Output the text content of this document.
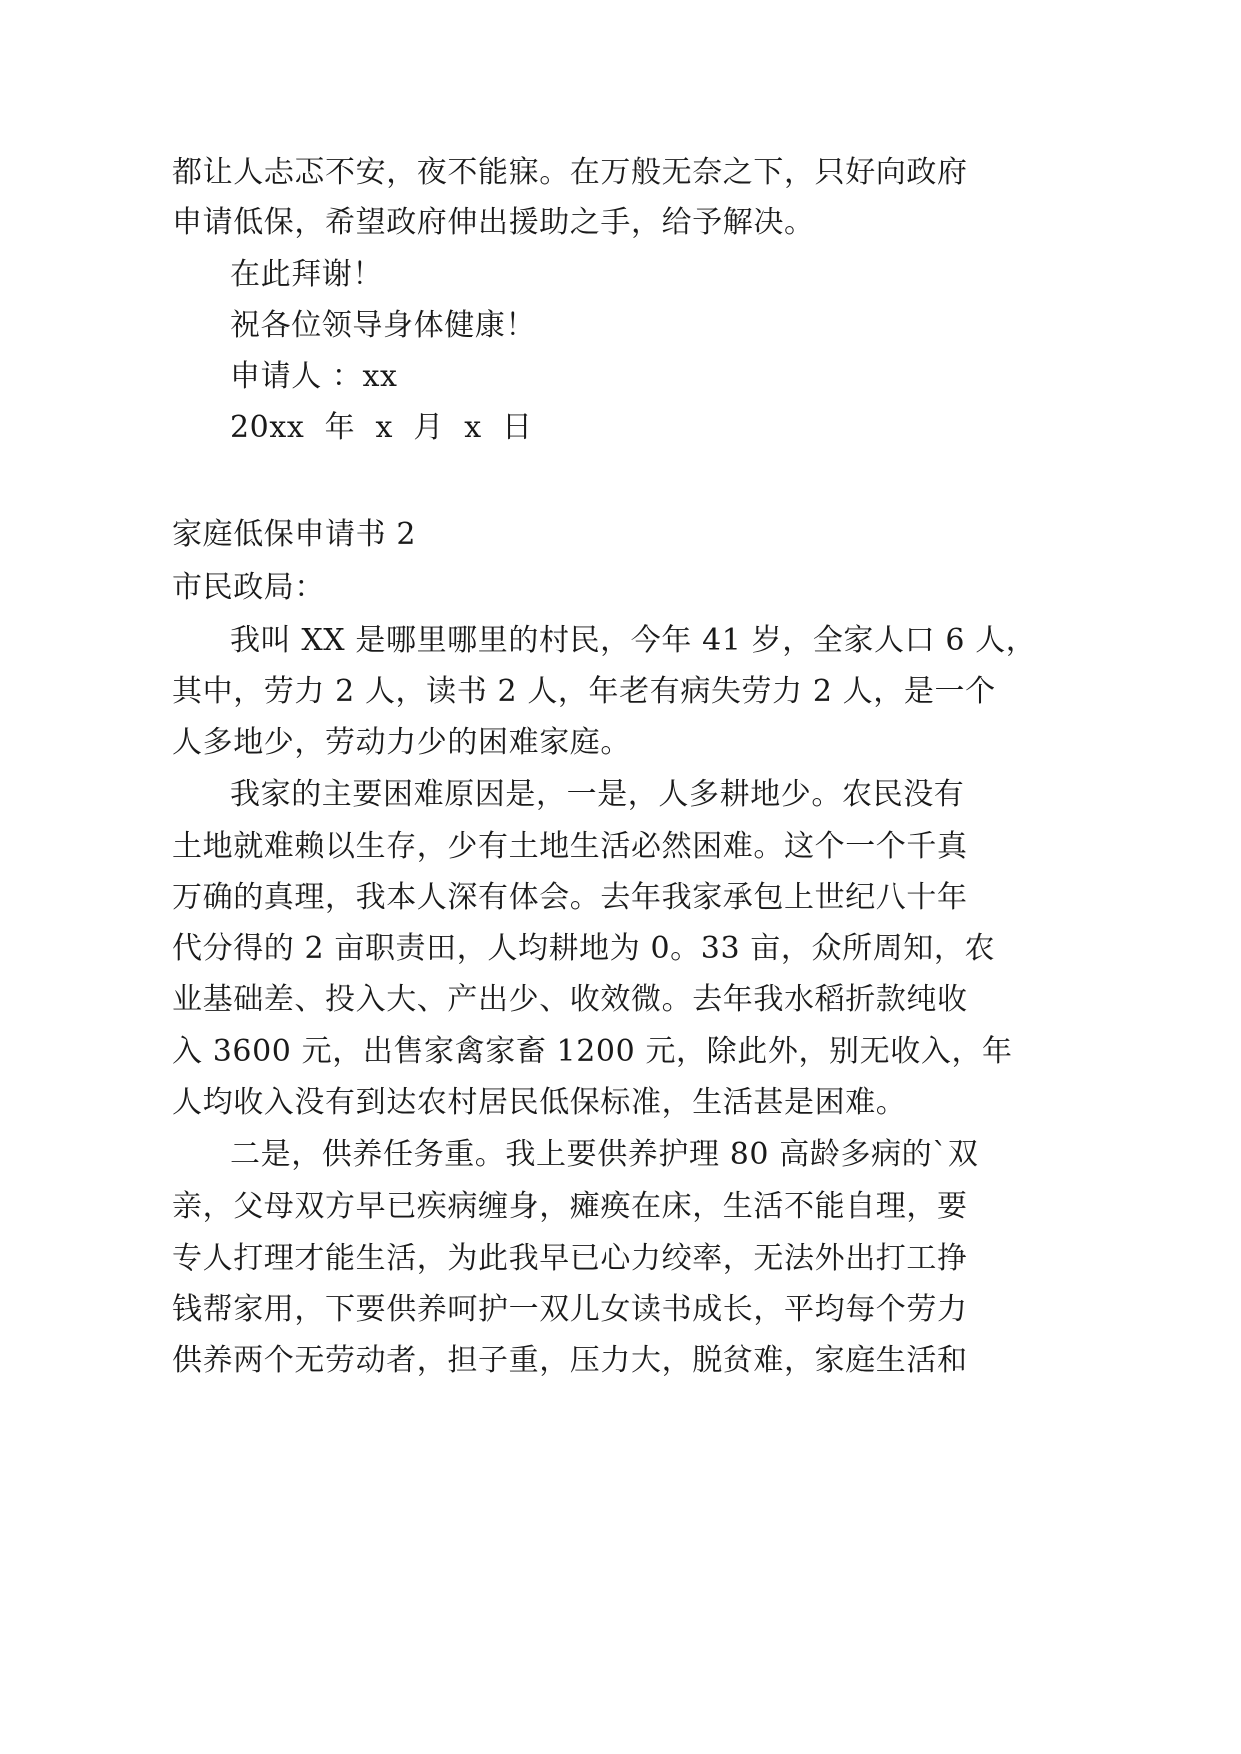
都让人忐忑不安，夜不能寐。在万般无奈之下，只好向政府
申请低保，希望政府伸出援助之手，给予解决。
在此拜谢！
祝各位领导身体健康！
申请人 ：xx
20xx  年  x  月  x  日
家庭低保申请书 2
市民政局：
我叫 XX 是哪里哪里的村民，今年 41 岁，全家人口 6 人，
其中，劳力 2 人，读书 2 人，年老有病失劳力 2 人，是一个
人多地少，劳动力少的困难家庭。
我家的主要困难原因是，一是，人多耕地少。农民没有
土地就难赖以生存，少有土地生活必然困难。这个一个千真
万确的真理，我本人深有体会。去年我家承包上世纪八十年
代分得的 2 亩职责田，人均耕地为 0。33 亩，众所周知，农
业基础差、投入大、产出少、收效微。去年我水稻折款纯收
入 3600 元，出售家禽家畜 1200 元，除此外，别无收入，年
人均收入没有到达农村居民低保标准，生活甚是困难。
二是，供养任务重。我上要供养护理 80 高龄多病的`双
亲，父母双方早已疾病缠身，瘫痪在床，生活不能自理，要
专人打理才能生活，为此我早已心力绞率，无法外出打工挣
钱帮家用，下要供养呵护一双儿女读书成长，平均每个劳力
供养两个无劳动者，担子重，压力大，脱贫难，家庭生活和
